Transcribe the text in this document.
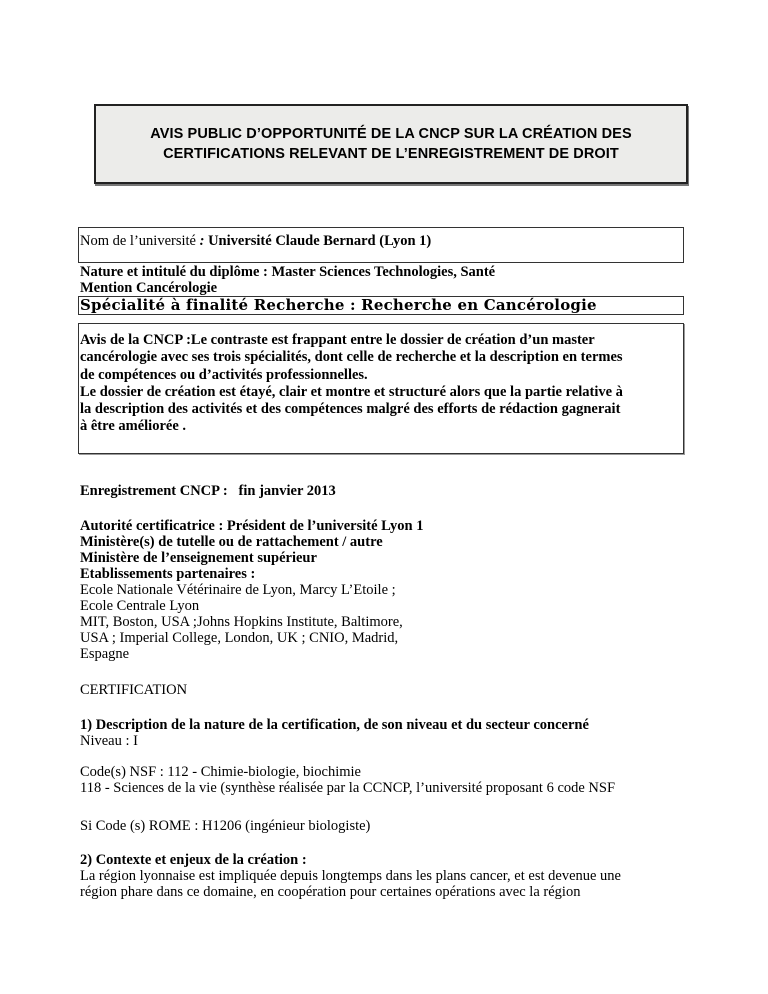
AVIS PUBLIC D’OPPORTUNITÉ DE LA CNCP SUR LA CRÉATION DES
CERTIFICATIONS RELEVANT DE L’ENREGISTREMENT DE DROIT
Nom de l’université : Université Claude Bernard (Lyon 1)
Nature et intitulé du diplôme : Master Sciences Technologies, Santé
Mention Cancérologie
Spécialité à finalité Recherche : Recherche en Cancérologie
Avis de la CNCP :Le contraste est frappant entre le dossier de création d’un master
cancérologie avec ses trois spécialités, dont celle de recherche et la description en termes
de compétences ou d’activités professionnelles.
Le dossier de création est étayé, clair et montre et structuré alors que la partie relative à
la description des activités et des compétences malgré des efforts de rédaction gagnerait
à être améliorée .
Enregistrement CNCP : fin janvier 2013
Autorité certificatrice : Président de l’université Lyon 1
Ministère(s) de tutelle ou de rattachement / autre
Ministère de l’enseignement supérieur
Etablissements partenaires :
Ecole Nationale Vétérinaire de Lyon, Marcy L’Etoile ;
Ecole Centrale Lyon
MIT, Boston, USA ;Johns Hopkins Institute, Baltimore,
USA ; Imperial College, London, UK ; CNIO, Madrid,
Espagne
CERTIFICATION
1) Description de la nature de la certification, de son niveau et du secteur concerné
Niveau : I
Code(s) NSF : 112 - Chimie-biologie, biochimie
118 - Sciences de la vie (synthèse réalisée par la CCNCP, l’université proposant 6 code NSF
Si Code (s) ROME : H1206 (ingénieur biologiste)
2) Contexte et enjeux de la création :
La région lyonnaise est impliquée depuis longtemps dans les plans cancer, et est devenue une
région phare dans ce domaine, en coopération pour certaines opérations avec la région
